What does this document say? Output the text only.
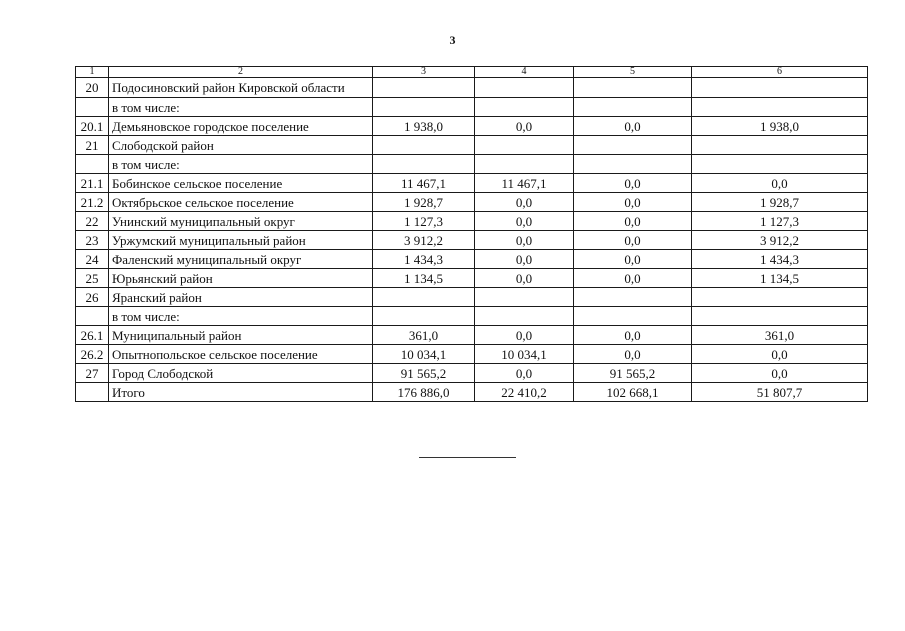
3
1	2	3	4	5	6
20	Подосиновский район Кировской области				
	в том числе:				
20.1	Демьяновское городское поселение	1 938,0	0,0	0,0	1 938,0
21	Слободской район				
	в том числе:				
21.1	Бобинское сельское поселение	11 467,1	11 467,1	0,0	0,0
21.2	Октябрьское сельское поселение	1 928,7	0,0	0,0	1 928,7
22	Унинский муниципальный округ	1 127,3	0,0	0,0	1 127,3
23	Уржумский муниципальный район	3 912,2	0,0	0,0	3 912,2
24	Фаленский муниципальный округ	1 434,3	0,0	0,0	1 434,3
25	Юрьянский район	1 134,5	0,0	0,0	1 134,5
26	Яранский район				
	в том числе:				
26.1	Муниципальный район	361,0	0,0	0,0	361,0
26.2	Опытнопольское сельское поселение	10 034,1	10 034,1	0,0	0,0
27	Город Слободской	91 565,2	0,0	91 565,2	0,0
	Итого	176 886,0	22 410,2	102 668,1	51 807,7
